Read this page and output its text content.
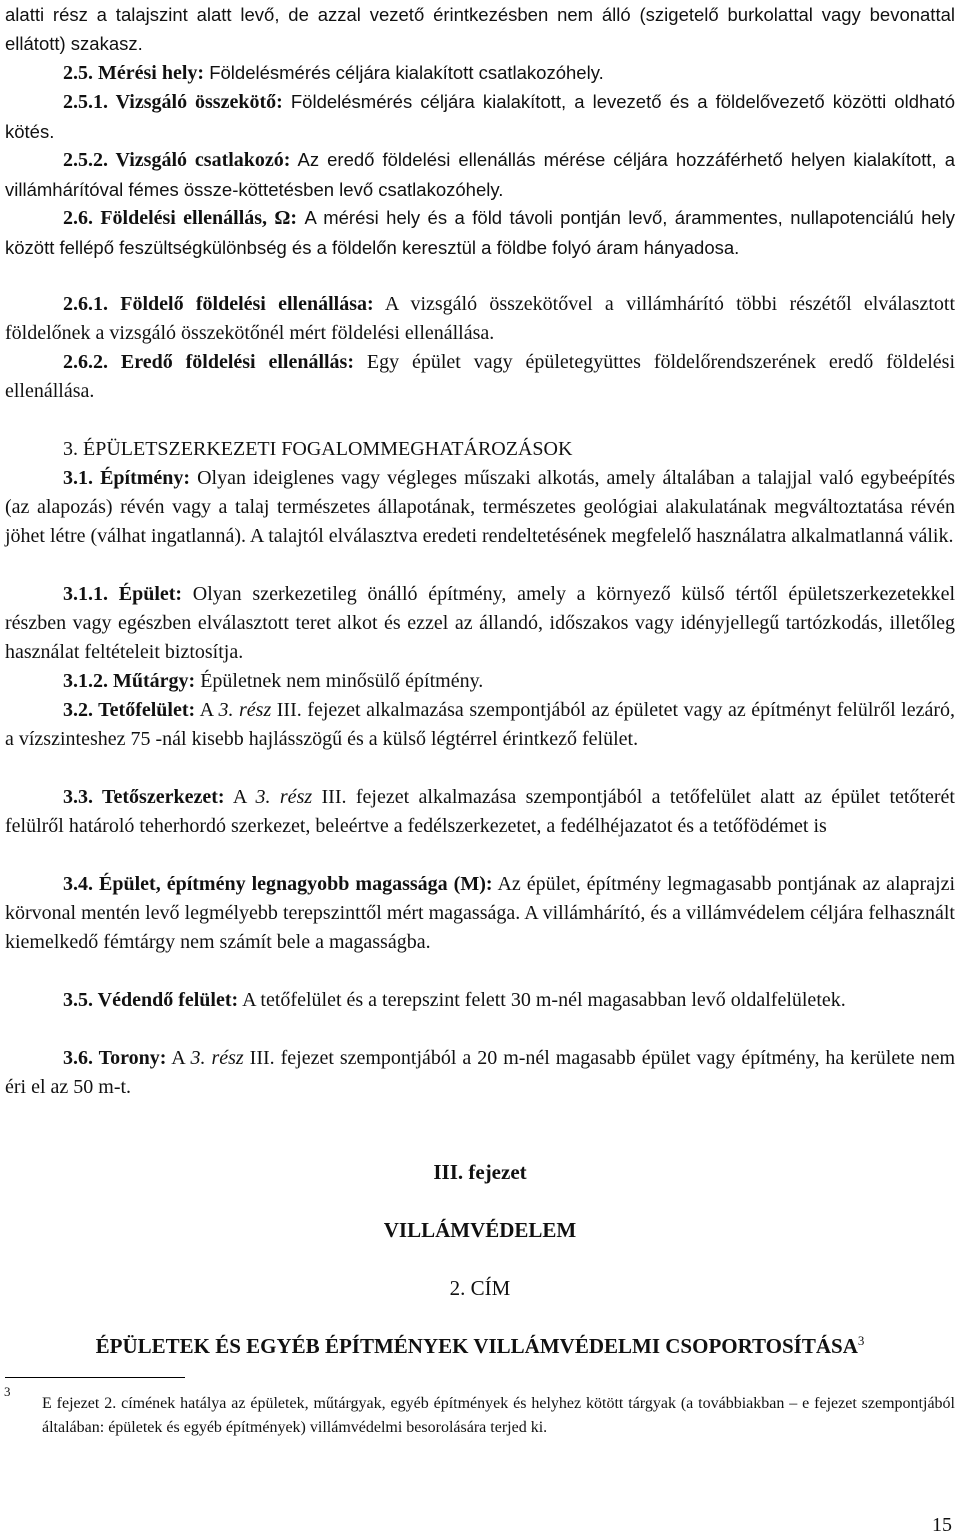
alatti rész a talajszint alatt levő, de azzal vezető érintkezésben nem álló (szigetelő burkolattal vagy bevonattal ellátott) szakasz.

2.5. Mérési hely: Földelésmérés céljára kialakított csatlakozóhely.

2.5.1. Vizsgáló összekötő: Földelésmérés céljára kialakított, a levezető és a földelővezető közötti oldható kötés.

2.5.2. Vizsgáló csatlakozó: Az eredő földelési ellenállás mérése céljára hozzáférhető helyen kialakított, a villámhárítóval fémes össze-köttetésben levő csatlakozóhely.

2.6. Földelési ellenállás, Ω: A mérési hely és a föld távoli pontján levő, árammentes, nullapotenciálú hely között fellépő feszültségkülönbség és a földelőn keresztül a földbe folyó áram hányadosa.

2.6.1. Földelő földelési ellenállása: A vizsgáló összekötővel a villámhárító többi részétől elválasztott földelőnek a vizsgáló összekötőnél mért földelési ellenállása.

2.6.2. Eredő földelési ellenállás: Egy épület vagy épületegyüttes földelőrendszerének eredő földelési ellenállása.

3. ÉPÜLETSZERKEZETI FOGALOMMEGHATÁROZÁSOK

3.1. Építmény: Olyan ideiglenes vagy végleges műszaki alkotás, amely általában a talajjal való egybeépítés (az alapozás) révén vagy a talaj természetes állapotának, természetes geológiai alakulatának megváltoztatása révén jöhet létre (válhat ingatlanná). A talajtól elválasztva eredeti rendeltetésének megfelelő használatra alkalmatlanná válik.

3.1.1. Épület: Olyan szerkezetileg önálló építmény, amely a környező külső tértől épületszerkezetekkel részben vagy egészben elválasztott teret alkot és ezzel az állandó, időszakos vagy idényjellegű tartózkodás, illetőleg használat feltételeit biztosítja.

3.1.2. Műtárgy: Épületnek nem minősülő építmény.

3.2. Tetőfelület: A 3. rész III. fejezet alkalmazása szempontjából az épületet vagy az építményt felülről lezáró, a vízszinteshez 75 -nál kisebb hajlásszögű és a külső légtérrel érintkező felület.

3.3. Tetőszerkezet: A 3. rész III. fejezet alkalmazása szempontjából a tetőfelület alatt az épület tetőterét felülről határoló teherhordó szerkezet, beleértve a fedélszerkezetet, a fedélhéjazatot és a tetőfödémet is

3.4. Épület, építmény legnagyobb magassága (M): Az épület, építmény legmagasabb pontjának az alaprajzi körvonal mentén levő legmélyebb terepszinttől mért magassága. A villámhárító, és a villámvédelem céljára felhasznált kiemelkedő fémtárgy nem számít bele a magasságba.

3.5. Védendő felület: A tetőfelület és a terepszint felett 30 m-nél magasabban levő oldalfelületek.

3.6. Torony: A 3. rész III. fejezet szempontjából a 20 m-nél magasabb épület vagy építmény, ha kerülete nem éri el az 50 m-t.

III. fejezet

VILLÁMVÉDELEM

2. CÍM

ÉPÜLETEK ÉS EGYÉB ÉPÍTMÉNYEK VILLÁMVÉDELMI CSOPORTOSÍTÁSA$^3$

3

E fejezet 2. címének hatálya az épületek, műtárgyak, egyéb építmények és helyhez kötött tárgyak (a továbbiakban – e fejezet szempontjából általában: épületek és egyéb építmények) villámvédelmi besorolására terjed ki.

15
